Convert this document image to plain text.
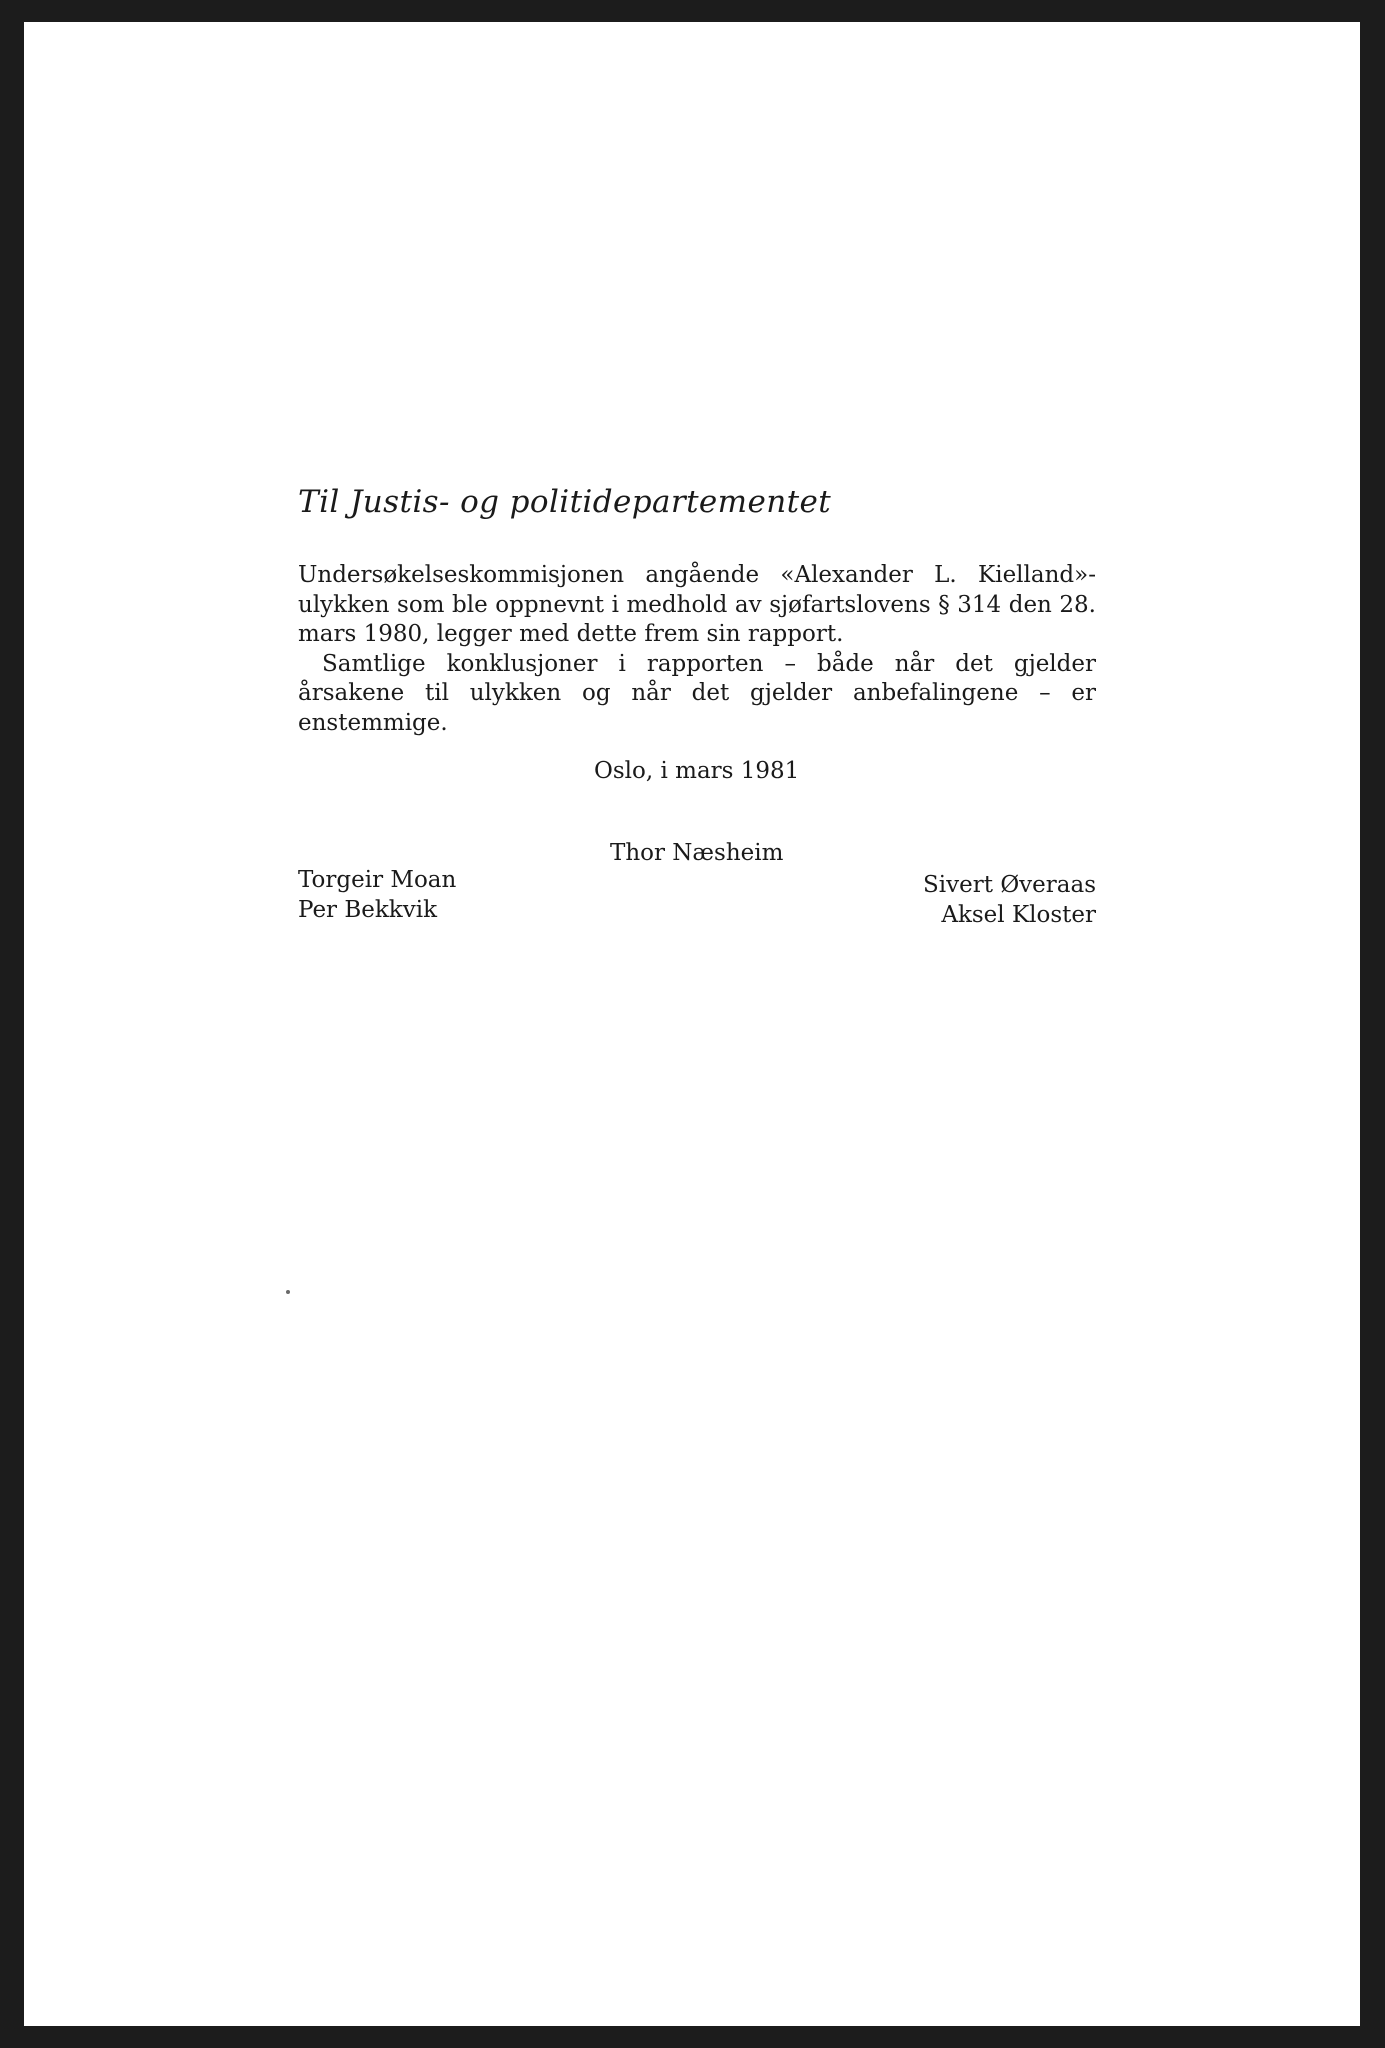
Til Justis- og politidepartementet

Undersøkelseskommisjonen angående «Alexander L. Kielland»-ulykken som ble oppnevnt i medhold av sjøfartslovens § 314 den 28. mars 1980, legger med dette frem sin rapport.

Samtlige konklusjoner i rapporten – både når det gjelder årsakene til ulykken og når det gjelder anbefalingene – er enstemmige.

Oslo, i mars 1981
Thor Næsheim
Torgeir Moan
Per Bekkvik
Sivert Øveraas
Aksel Kloster
